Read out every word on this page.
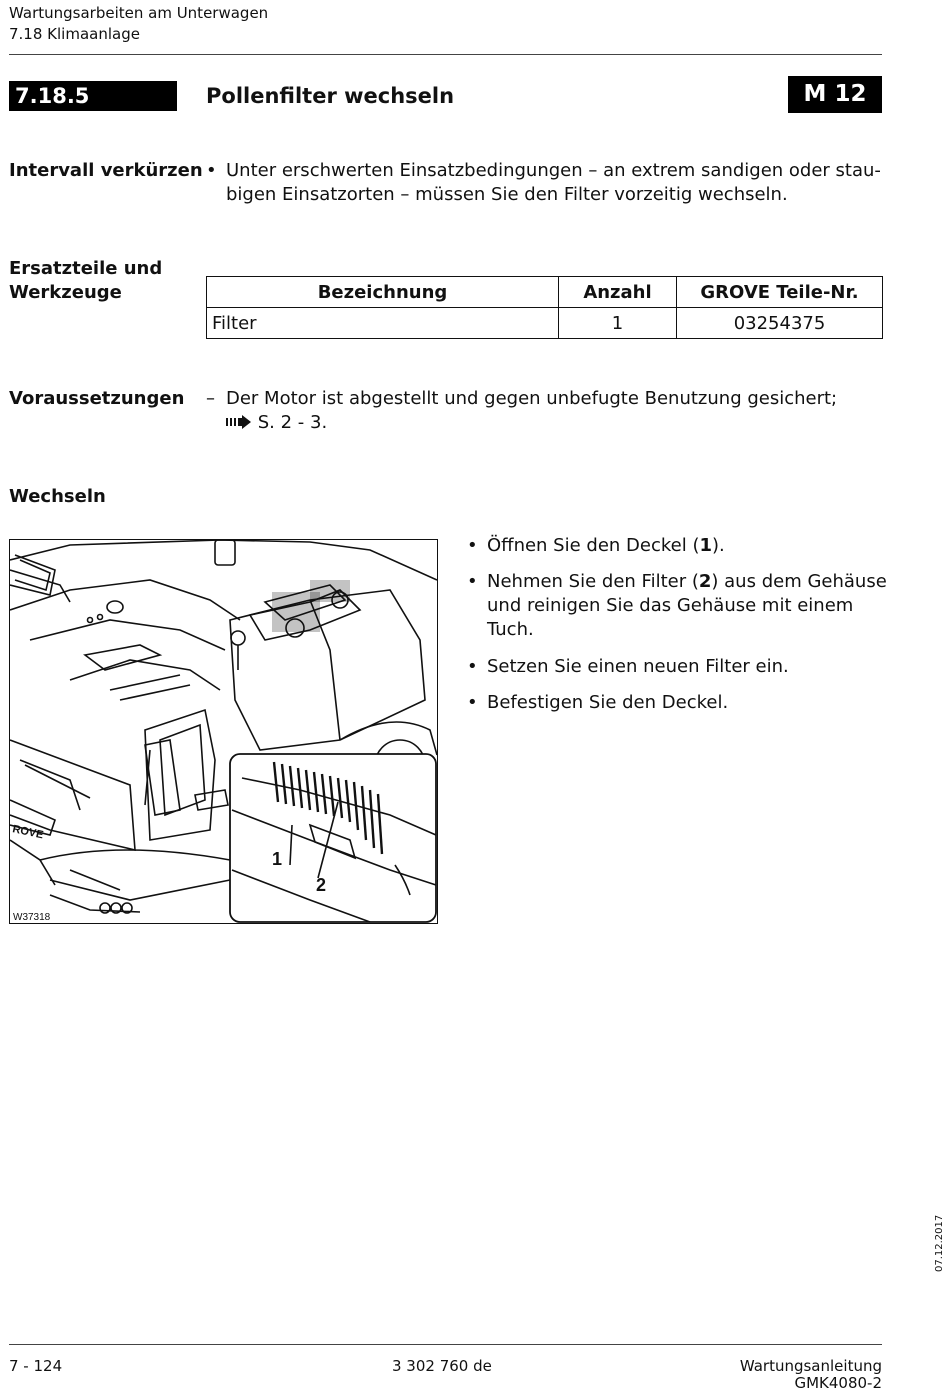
Wartungsarbeiten am Unterwagen
7.18 Klimaanlage
7.18.5	Pollenfilter wechseln	M 12
Intervall verkürzen • Unter erschwerten Einsatzbedingungen – an extrem sandigen oder stau-
bigen Einsatzorten – müssen Sie den Filter vorzeitig wechseln.
Ersatzteile und
Werkzeuge	Bezeichnung	Anzahl	GROVE Teile-Nr.
Filter	1	03254375
Voraussetzungen – Der Motor ist abgestellt und gegen unbefugte Benutzung gesichert;
S. 2 - 3.
Wechseln
1
2
ROVE
W37318
• Öffnen Sie den Deckel (1).
• Nehmen Sie den Filter (2) aus dem Gehäuse
und reinigen Sie das Gehäuse mit einem
Tuch.
• Setzen Sie einen neuen Filter ein.
• Befestigen Sie den Deckel.
07.12.2017
7 - 124	3 302 760 de	Wartungsanleitung
GMK4080-2
